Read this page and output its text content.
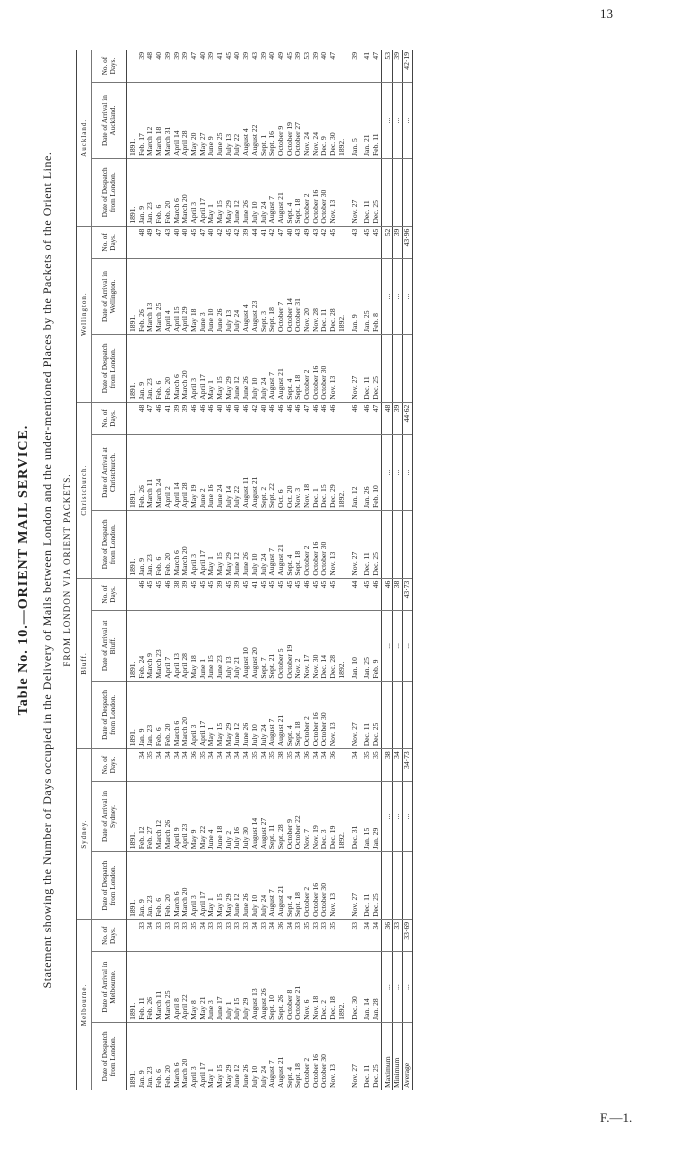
13
F.—1.
Table No. 10.—ORIENT MAIL SERVICE. Statement showing the Number of Days occupied in the Delivery of Mails between London and the under-mentioned Places by the Packets of the Orient Line. FROM LONDON VIA ORIENT PACKETS.
Melbourne.			Sydney.			Bluff.			Christchurch.			Wellington.			Auckland.		
Date of Despatch from London.	Date of Arrival in Melbourne.	No. of Days.	Date of Despatch from London.	Date of Arrival in Sydney.	No. of Days.	Date of Despatch from London.	Date of Arrival at Bluff.	No. of Days.	Date of Despatch from London.	Date of Arrival at Christchurch.	No. of Days.	Date of Despatch from London.	Date of Arrival in Wellington.	No. of Days.	Date of Despatch from London.	Date of Arrival in Auckland.	No. of Days.
1891.	1891.		1891.	1891.		1891.	1891.		1891.	1891.		1891.	1891.		1891.	1891.	
Jan. 9	Feb. 11	33	Jan. 9	Feb. 12	34	Jan. 9	Feb. 24	46	Jan. 9	Feb. 26	48	Jan. 9	Feb. 26	48	Jan. 9	Feb. 17	39
Jan. 23	Feb. 26	34	Jan. 23	Feb. 27	35	Jan. 23	March 9	45	Jan. 23	March 11	47	Jan. 23	March 13	49	Jan. 23	March 12	48
Feb. 6	March 11	33	Feb. 6	March 12	34	Feb. 6	March 23	45	Feb. 6	March 24	46	Feb. 6	March 25	47	Feb. 6	March 18	40
Feb. 20	March 25	33	Feb. 20	March 26	34	Feb. 20	April 7	46	Feb. 20	April 2	41	Feb. 20	April 4	43	Feb. 20	March 31	39
March 6	April 8	33	March 6	April 9	34	March 6	April 13	38	March 6	April 14	39	March 6	April 15	40	March 6	April 14	39
March 20	April 22	33	March 20	April 23	34	March 20	April 28	39	March 20	April 28	39	March 20	April 29	40	March 20	April 28	39
April 3	May 8	35	April 3	May 9	36	April 3	May 18	45	April 3	May 19	46	April 3	May 18	45	April 3	May 20	47
April 17	May 21	34	April 17	May 22	35	April 17	June 1	45	April 17	June 2	46	April 17	June 3	47	April 17	May 27	40
May 1	June 3	33	May 1	June 4	34	May 1	June 15	45	May 1	June 16	46	May 1	June 10	40	May 1	June 9	39
May 15	June 17	33	May 15	June 18	34	May 15	June 23	39	May 15	June 24	40	May 15	June 26	42	May 15	June 25	41
May 29	July 1	33	May 29	July 2	34	May 29	July 13	45	May 29	July 14	46	May 29	July 13	45	May 29	July 13	45
June 12	July 15	33	June 12	July 16	34	June 12	July 21	39	June 12	July 22	40	June 12	July 24	42	June 12	July 22	40
June 26	July 29	33	June 26	July 30	34	June 26	August 10	45	June 26	August 11	46	June 26	August 4	39	June 26	August 4	39
July 10	August 13	34	July 10	August 14	35	July 10	August 20	41	July 10	August 21	42	July 10	August 23	44	July 10	August 22	43
July 24	August 26	33	July 24	August 27	34	July 24	Sept. 7	45	July 24	Sept. 2	40	July 24	Sept. 3	41	July 24	Sept. 1	39
August 7	Sept. 10	34	August 7	Sept. 11	35	August 7	Sept. 21	45	August 7	Sept. 22	46	August 7	Sept. 18	42	August 7	Sept. 16	40
August 21	Sept. 26	36	August 21	Sept. 28	38	August 21	October 5	45	August 21	Oct. 6	46	August 21	October 7	47	August 21	October 9	49
Sept. 4	October 8	34	Sept. 4	October 9	35	Sept. 4	October 19	45	Sept. 4	Oct. 20	46	Sept. 4	October 14	40	Sept. 4	October 19	45
Sept. 18	October 21	33	Sept. 18	October 22	34	Sept. 18	Nov. 2	45	Sept. 18	Nov. 3	46	Sept. 18	October 31	43	Sept. 18	October 27	39
October 2	Nov. 6	35	October 2	Nov. 7	36	October 2	Nov. 17	46	October 2	Nov. 18	47	October 2	Nov. 20	49	October 2	Nov. 24	53
October 16	Nov. 18	33	October 16	Nov. 19	34	October 16	Nov. 30	45	October 16	Dec. 1	46	October 16	Nov. 28	43	October 16	Nov. 24	39
October 30	Dec. 2	33	October 30	Dec. 3	34	October 30	Dec. 14	45	October 30	Dec. 15	46	October 30	Dec. 11	42	October 30	Dec. 9	40
Nov. 13	Dec. 18	35	Nov. 13	Dec. 19	36	Nov. 13	Dec. 28	45	Nov. 13	Dec. 29	46	Nov. 13	Dec. 28	45	Nov. 13	Dec. 30	47
	1892.			1892.			1892.			1892.			1892.			1892.	
Nov. 27	Dec. 30	33	Nov. 27	Dec. 31	34	Nov. 27	Jan. 10	44	Nov. 27	Jan. 12	46	Nov. 27	Jan. 9	43	Nov. 27	Jan. 5	39
Dec. 11	Jan. 14	34	Dec. 11	Jan. 15	35	Dec. 11	Jan. 25	45	Dec. 11	Jan. 26	46	Dec. 11	Jan. 25	45	Dec. 11	Jan. 21	41
Dec. 25	Jan. 28	34	Dec. 25	Jan. 29	35	Dec. 25	Feb. 9	46	Dec. 25	Feb. 10	47	Dec. 25	Feb. 8	45	Dec. 25	Feb. 11	47
Maximum	...	36		...	38		...	46		...	48		...	52		...	53
Minimum	...	33		...	34		...	38		...	39		...	39		...	39
Average	...	33·69		...	34·73		...	43·73		...	44·62		...	43·96		...	42·19
